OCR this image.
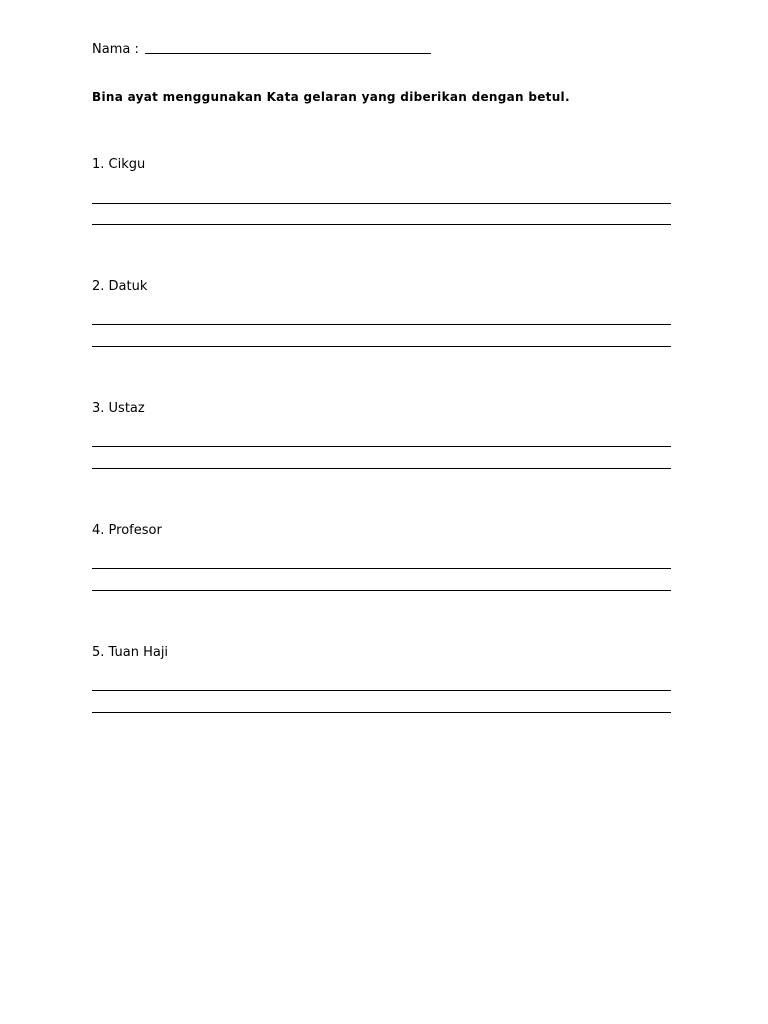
Nama :
Bina ayat menggunakan Kata gelaran yang diberikan dengan betul.

1. Cikgu

2. Datuk

3. Ustaz

4. Profesor

5. Tuan Haji
